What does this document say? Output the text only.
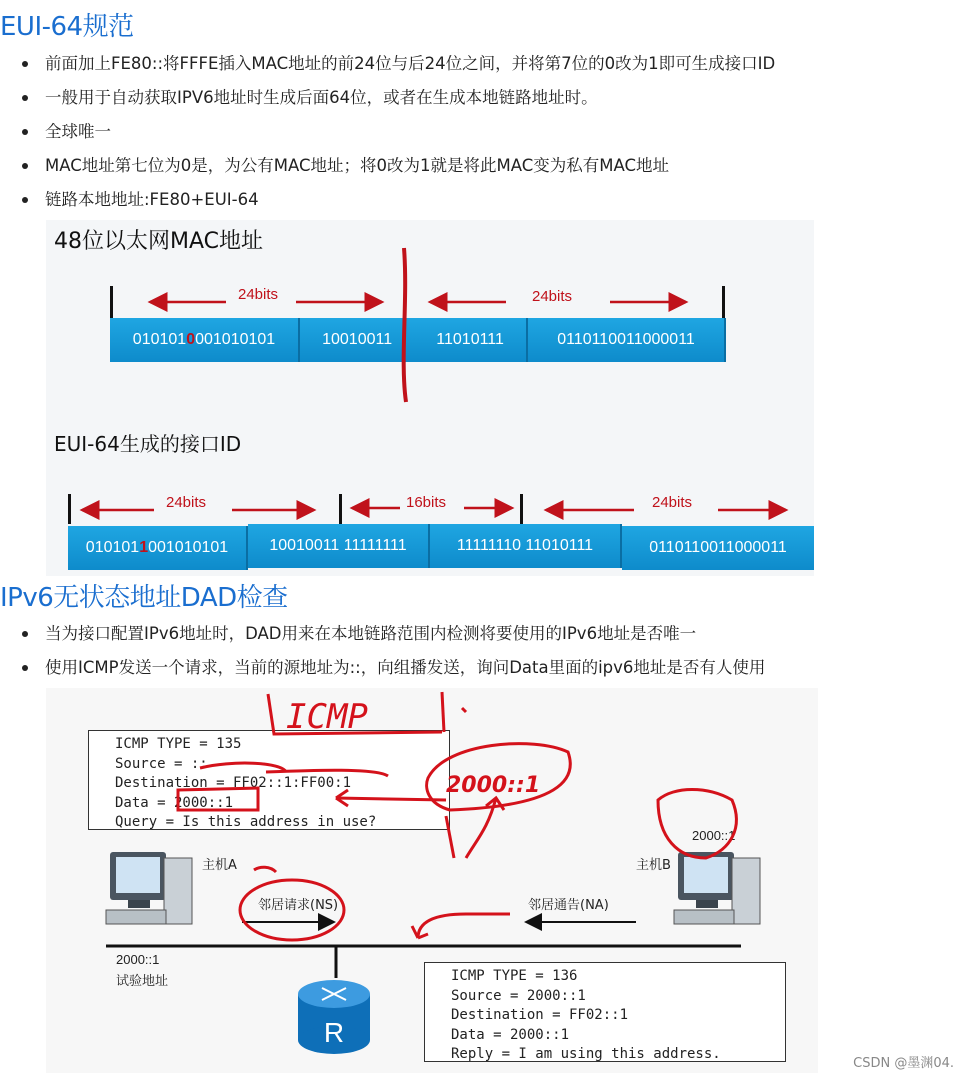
EUI-64规范
前面加上FE80::将FFFE插入MAC地址的前24位与后24位之间，并将第7位的0改为1即可生成接口ID
一般用于自动获取IPV6地址时生成后面64位，或者在生成本地链路地址时。
全球唯一
MAC地址第七位为0是，为公有MAC地址；将0改为1就是将此MAC变为私有MAC地址
链路本地地址:FE80+EUI-64
48位以太网MAC地址
24bits	24bits
010101 0 001010101	10010011	11010111	0110110011000011
EUI-64生成的接口ID
24bits	16bits	24bits
010101 1 001010101	10010011 11111111	11111110 11010111	0110110011000011
IPv6无状态地址DAD检查
当为接口配置IPv6地址时，DAD用来在本地链路范围内检测将要使用的IPv6地址是否唯一
使用ICMP发送一个请求，当前的源地址为::，向组播发送，询问Data里面的ipv6地址是否有人使用
ICMP TYPE = 135
Source = ::
Destination = FF02::1:FF00:1
Data = 2000::1
Query = Is this address in use?
ICMP TYPE = 136
Source = 2000::1
Destination = FF02::1
Data = 2000::1
Reply = I am using this address.
主机A	主机B
2000::1
邻居请求(NS)	邻居通告(NA)
2000::1
试验地址
R
ICMP
2000::1
CSDN @墨渊04.
